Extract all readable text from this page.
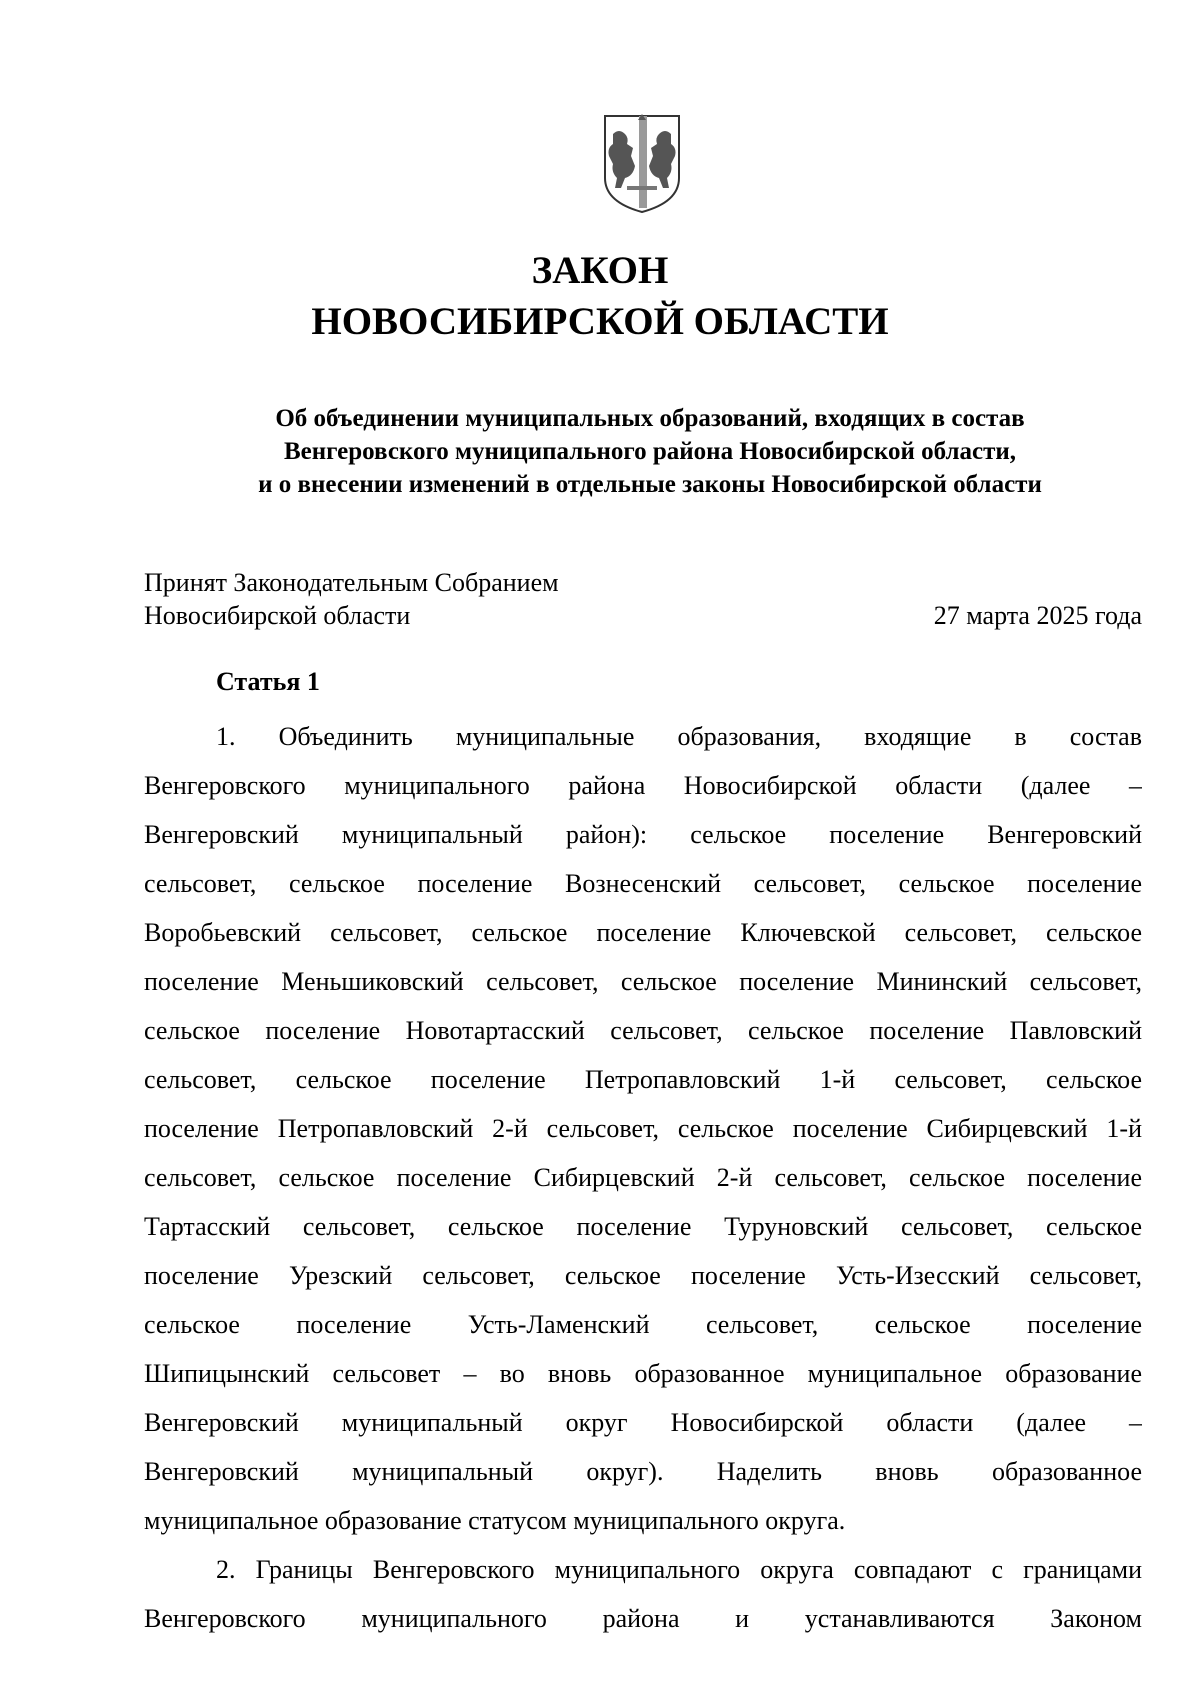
ЗАКОН
НОВОСИБИРСКОЙ ОБЛАСТИ
Об объединении муниципальных образований, входящих в состав
Венгеровского муниципального района Новосибирской области,
и о внесении изменений в отдельные законы Новосибирской области
Принят Законодательным Собранием
Новосибирской области	27 марта 2025 года
Статья 1
1. Объединить муниципальные образования, входящие в состав
Венгеровского муниципального района Новосибирской области (далее –
Венгеровский муниципальный район): сельское поселение Венгеровский
сельсовет, сельское поселение Вознесенский сельсовет, сельское поселение
Воробьевский сельсовет, сельское поселение Ключевской сельсовет, сельское
поселение Меньшиковский сельсовет, сельское поселение Мининский сельсовет,
сельское поселение Новотартасский сельсовет, сельское поселение Павловский
сельсовет, сельское поселение Петропавловский 1-й сельсовет, сельское
поселение Петропавловский 2-й сельсовет, сельское поселение Сибирцевский 1-й
сельсовет, сельское поселение Сибирцевский 2-й сельсовет, сельское поселение
Тартасский сельсовет, сельское поселение Туруновский сельсовет, сельское
поселение Урезский сельсовет, сельское поселение Усть-Изесский сельсовет,
сельское поселение Усть-Ламенский сельсовет, сельское поселение
Шипицынский сельсовет – во вновь образованное муниципальное образование
Венгеровский муниципальный округ Новосибирской области (далее –
Венгеровский муниципальный округ). Наделить вновь образованное
муниципальное образование статусом муниципального округа.
2. Границы Венгеровского муниципального округа совпадают с границами
Венгеровского муниципального района и устанавливаются Законом
